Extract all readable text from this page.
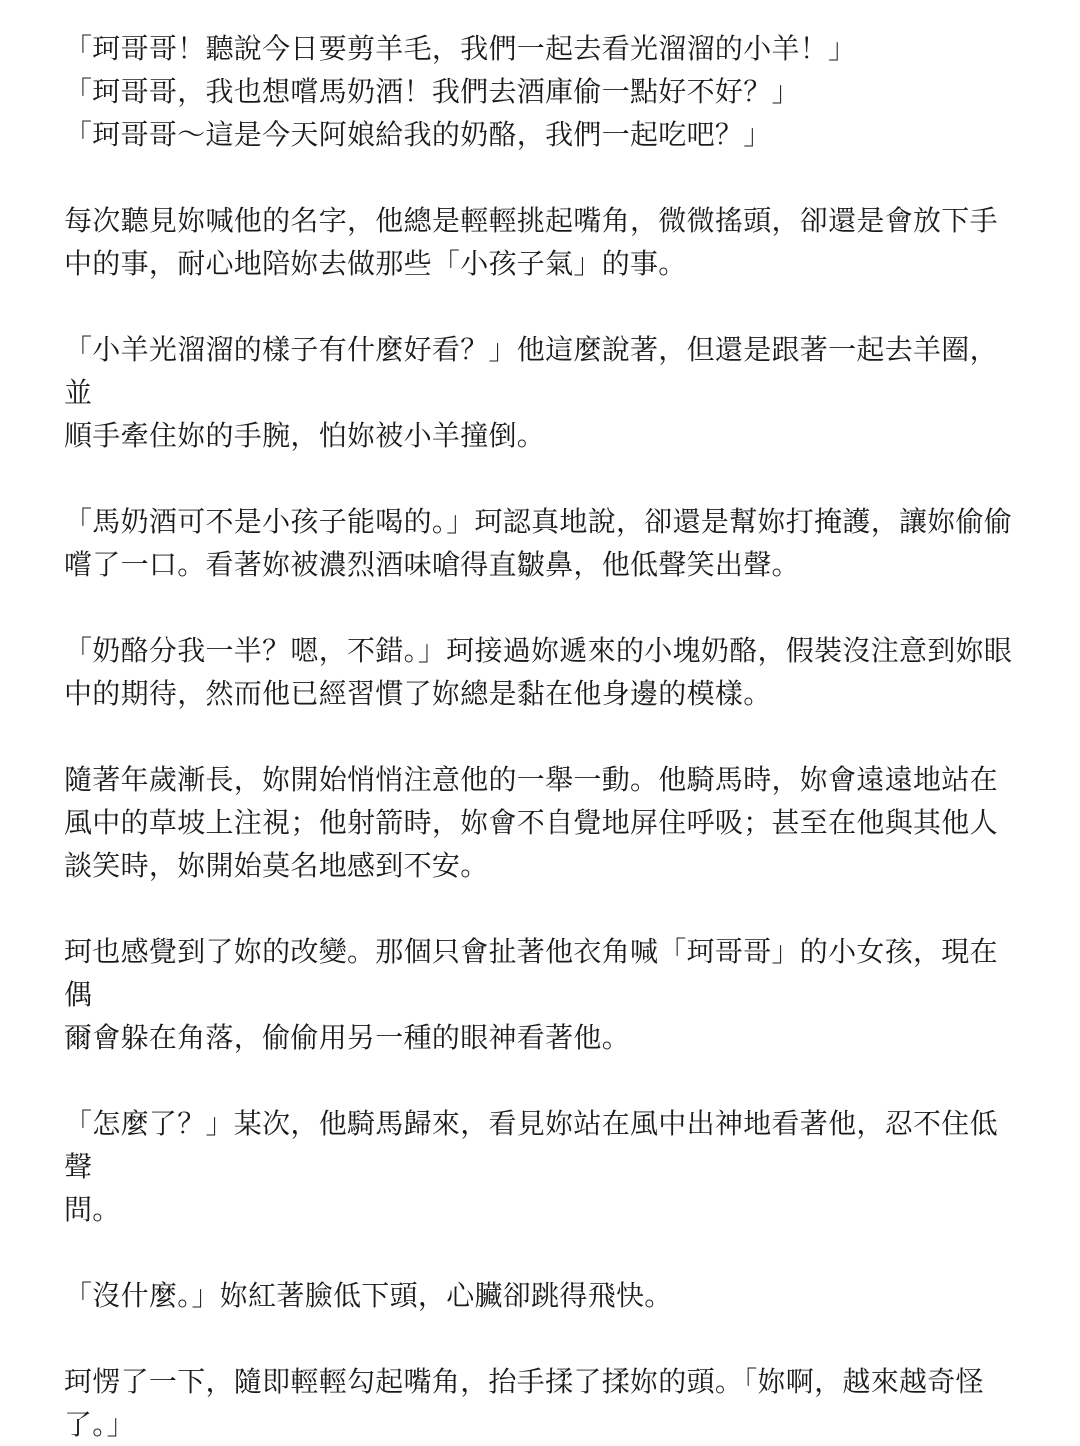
「珂哥哥！聽說今日要剪羊毛，我們一起去看光溜溜的小羊！」
「珂哥哥，我也想嚐馬奶酒！我們去酒庫偷一點好不好？」
「珂哥哥～這是今天阿娘給我的奶酪，我們一起吃吧？」

每次聽見妳喊他的名字，他總是輕輕挑起嘴角，微微搖頭，卻還是會放下手
中的事，耐心地陪妳去做那些「小孩子氣」的事。

「小羊光溜溜的樣子有什麼好看？」他這麼說著，但還是跟著一起去羊圈，並
順手牽住妳的手腕，怕妳被小羊撞倒。

「馬奶酒可不是小孩子能喝的。」珂認真地說，卻還是幫妳打掩護，讓妳偷偷
嚐了一口。看著妳被濃烈酒味嗆得直皺鼻，他低聲笑出聲。

「奶酪分我一半？嗯，不錯。」珂接過妳遞來的小塊奶酪，假裝沒注意到妳眼
中的期待，然而他已經習慣了妳總是黏在他身邊的模樣。

隨著年歲漸長，妳開始悄悄注意他的一舉一動。他騎馬時，妳會遠遠地站在
風中的草坡上注視；他射箭時，妳會不自覺地屏住呼吸；甚至在他與其他人
談笑時，妳開始莫名地感到不安。

珂也感覺到了妳的改變。那個只會扯著他衣角喊「珂哥哥」的小女孩，現在偶
爾會躲在角落，偷偷用另一種的眼神看著他。

「怎麼了？」某次，他騎馬歸來，看見妳站在風中出神地看著他，忍不住低聲
問。

「沒什麼。」妳紅著臉低下頭，心臟卻跳得飛快。

珂愣了一下，隨即輕輕勾起嘴角，抬手揉了揉妳的頭。「妳啊，越來越奇怪
了。」
